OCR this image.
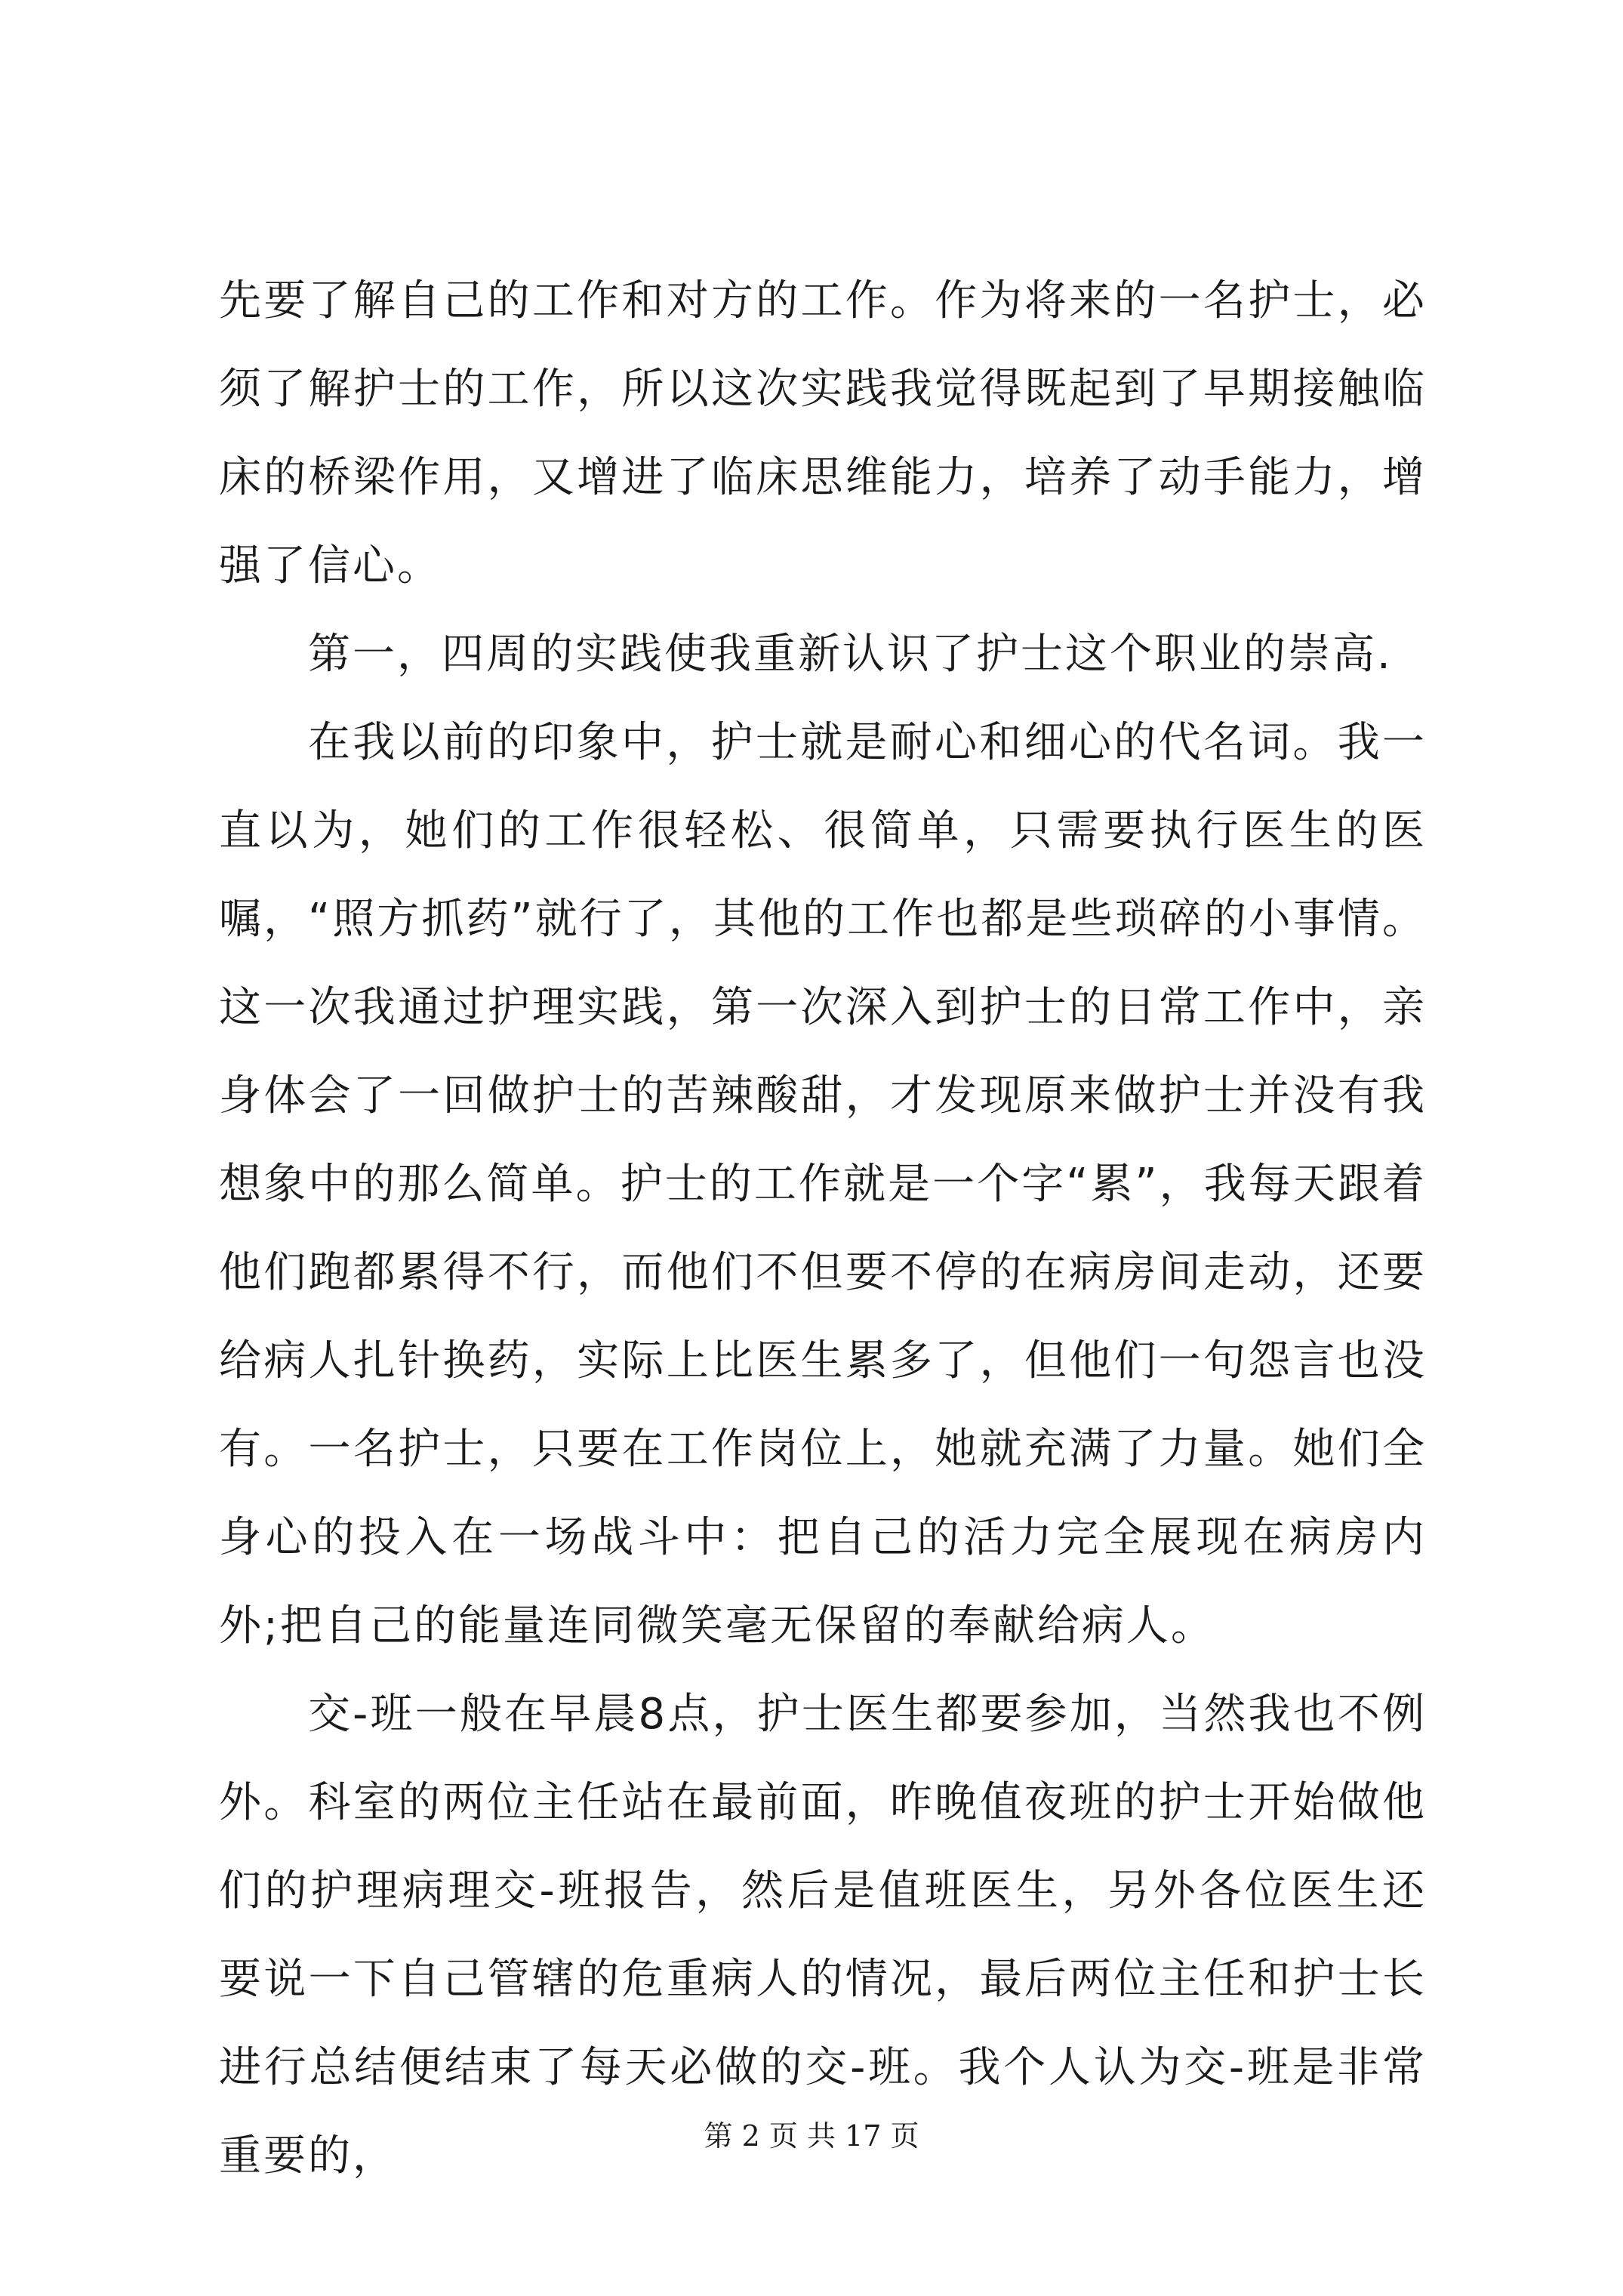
先要了解自己的工作和对方的工作。作为将来的一名护士，必须了解护士的工作，所以这次实践我觉得既起到了早期接触临床的桥梁作用，又增进了临床思维能力，培养了动手能力，增强了信心。

第一，四周的实践使我重新认识了护士这个职业的崇高.

在我以前的印象中，护士就是耐心和细心的代名词。我一直以为，她们的工作很轻松、很简单，只需要执行医生的医嘱，“照方抓药”就行了，其他的工作也都是些琐碎的小事情。这一次我通过护理实践，第一次深入到护士的日常工作中，亲身体会了一回做护士的苦辣酸甜，才发现原来做护士并没有我想象中的那么简单。护士的工作就是一个字“累”，我每天跟着他们跑都累得不行，而他们不但要不停的在病房间走动，还要给病人扎针换药，实际上比医生累多了，但他们一句怨言也没有。一名护士，只要在工作岗位上，她就充满了力量。她们全身心的投入在一场战斗中：把自己的活力完全展现在病房内外;把自己的能量连同微笑毫无保留的奉献给病人。

交-班一般在早晨8点，护士医生都要参加，当然我也不例外。科室的两位主任站在最前面，昨晚值夜班的护士开始做他们的护理病理交-班报告，然后是值班医生，另外各位医生还要说一下自己管辖的危重病人的情况，最后两位主任和护士长进行总结便结束了每天必做的交-班。我个人认为交-班是非常重要的，	第 2 页 共 17 页
